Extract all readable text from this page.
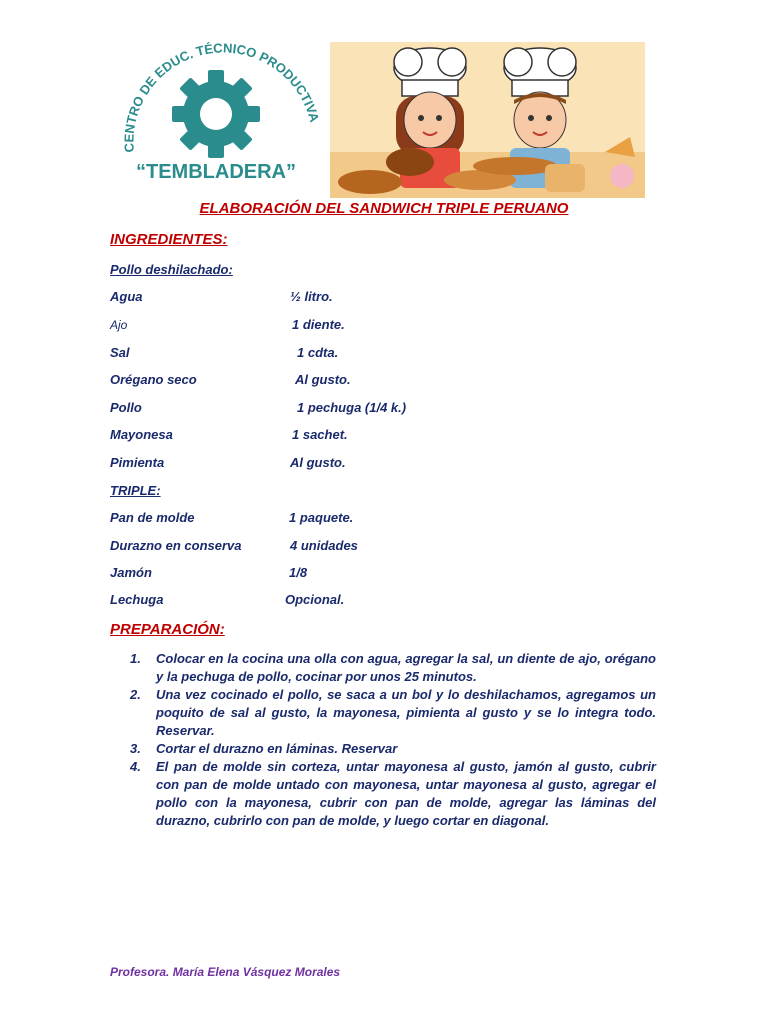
CENTRO DE EDUC. TÉCNICO PRODUCTIVA
“TEMBLADERA”
ELABORACIÓN DEL SANDWICH TRIPLE PERUANO
INGREDIENTES:
Pollo deshilachado:
Agua	½ litro.
Ajo	1 diente.
Sal	1 cdta.
Orégano seco	Al gusto.
Pollo	1 pechuga (1/4 k.)
Mayonesa	1 sachet.
Pimienta	Al gusto.
TRIPLE:
Pan de molde	1 paquete.
Durazno en conserva	4 unidades
Jamón	1/8
Lechuga	Opcional.
PREPARACIÓN:
1. Colocar en la cocina una olla con agua, agregar la sal, un diente de ajo, orégano y la pechuga de pollo, cocinar por unos 25 minutos.
2. Una vez cocinado el pollo, se saca a un bol y lo deshilachamos, agregamos un poquito de sal al gusto, la mayonesa, pimienta al gusto y se lo integra todo. Reservar.
3. Cortar el durazno en láminas. Reservar
4. El pan de molde sin corteza, untar mayonesa al gusto, jamón al gusto, cubrir con pan de molde untado con mayonesa, untar mayonesa al gusto, agregar el pollo con la mayonesa, cubrir con pan de molde, agregar las láminas del durazno, cubrirlo con pan de molde, y luego cortar en diagonal.
Profesora. María Elena Vásquez Morales
